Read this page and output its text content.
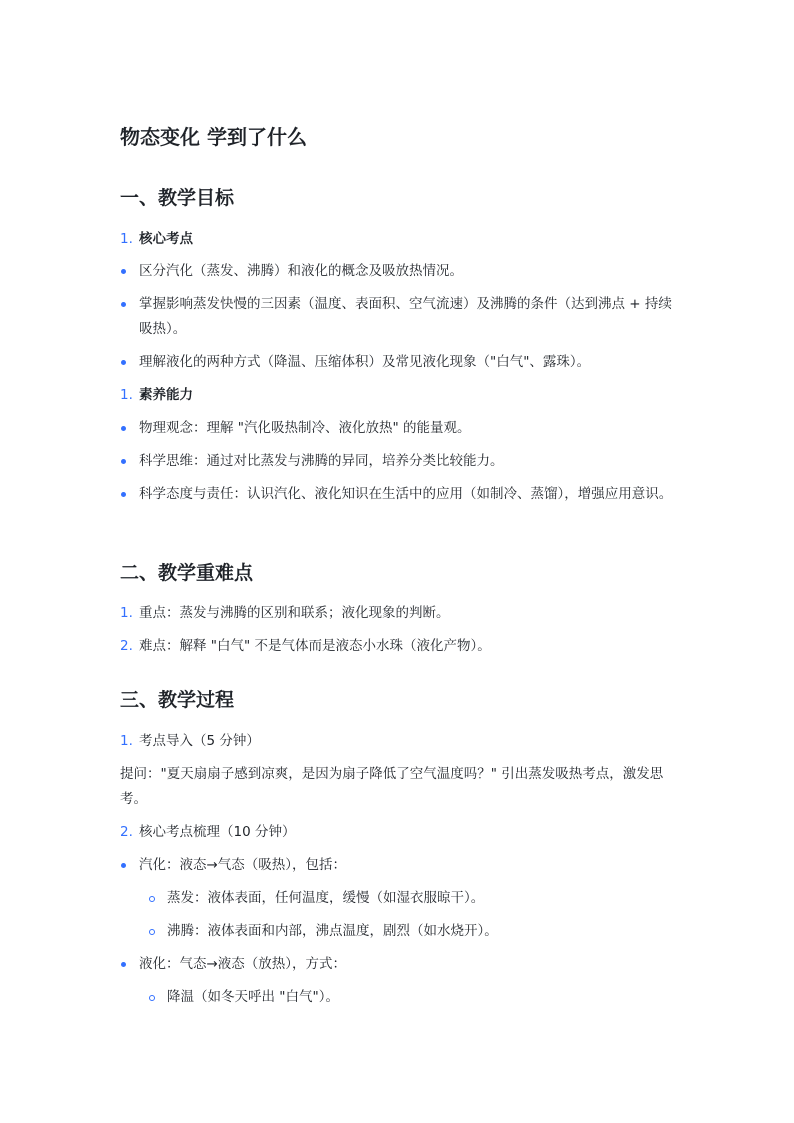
物态变化 学到了什么
一、教学目标
1. 核心考点
区分汽化（蒸发、沸腾）和液化的概念及吸放热情况。
掌握影响蒸发快慢的三因素（温度、表面积、空气流速）及沸腾的条件（达到沸点 + 持续吸热）。
理解液化的两种方式（降温、压缩体积）及常见液化现象（"白气"、露珠）。
1. 素养能力
物理观念：理解 "汽化吸热制冷、液化放热" 的能量观。
科学思维：通过对比蒸发与沸腾的异同，培养分类比较能力。
科学态度与责任：认识汽化、液化知识在生活中的应用（如制冷、蒸馏），增强应用意识。
二、教学重难点
1. 重点：蒸发与沸腾的区别和联系；液化现象的判断。
2. 难点：解释 "白气" 不是气体而是液态小水珠（液化产物）。
三、教学过程
1. 考点导入（5 分钟）
提问："夏天扇扇子感到凉爽，是因为扇子降低了空气温度吗？" 引出蒸发吸热考点，激发思考。
2. 核心考点梳理（10 分钟）
汽化：液态→气态（吸热），包括：
蒸发：液体表面，任何温度，缓慢（如湿衣服晾干）。
沸腾：液体表面和内部，沸点温度，剧烈（如水烧开）。
液化：气态→液态（放热），方式：
降温（如冬天呼出 "白气"）。
